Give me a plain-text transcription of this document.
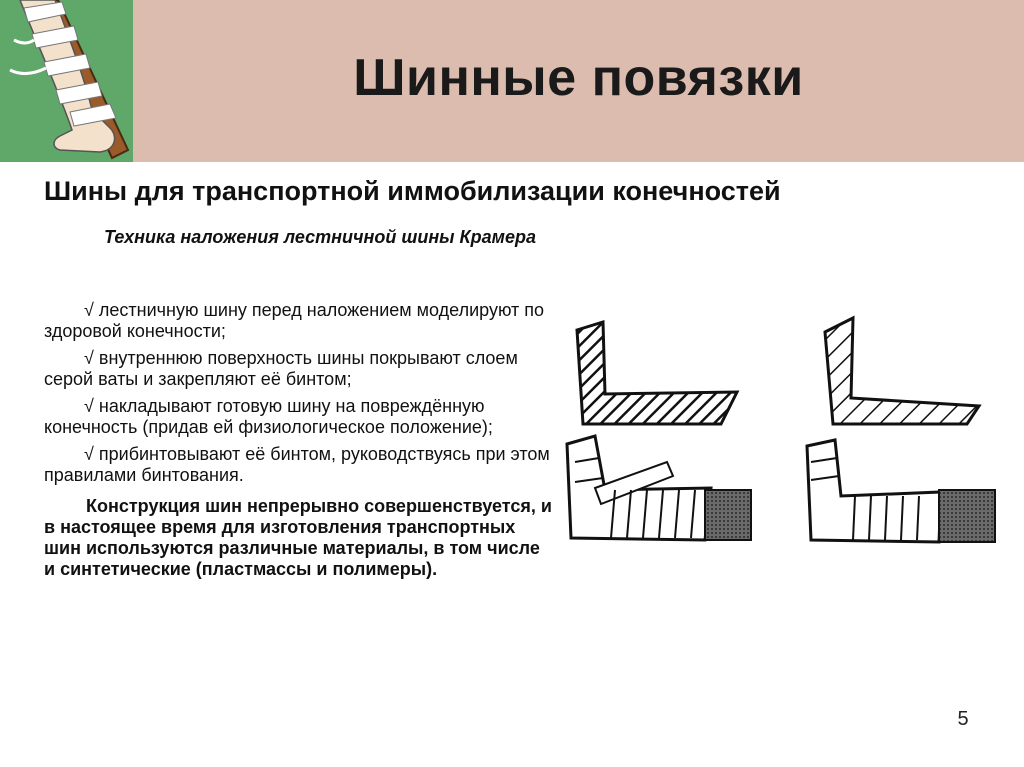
Шинные повязки
Шины для транспортной иммобилизации конечностей
Техника наложения лестничной шины Крамера

√ лестничную шину перед наложением моделируют по здоровой конечности;

√ внутреннюю поверхность шины покрывают слоем серой ваты и закрепляют её бинтом;

√ накладывают готовую шину на повреждённую конечность (придав ей физиологическое положение);

√ прибинтовывают её бинтом, руководствуясь при этом правилами бинтования.

Конструкция шин непрерывно совершенствуется, и в настоящее время для изготовления транспортных шин используются различные материалы, в том числе и синтетические (пластмассы и полимеры).

5
